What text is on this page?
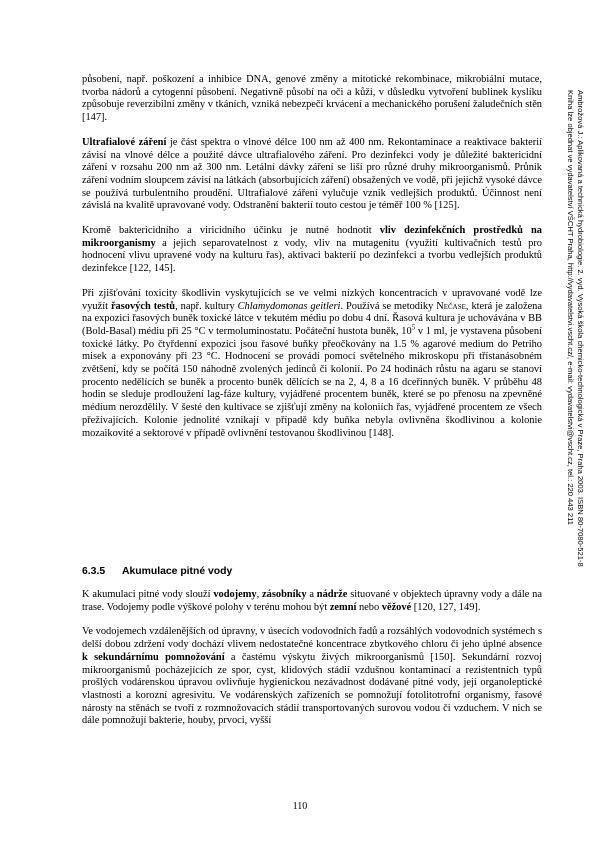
působení, např. poškození a inhibice DNA, genové změny a mitotické rekombinace, mikrobiální mutace, tvorba nádorů a cytogenní působení. Negativně působí na oči a kůži, v důsledku vytvoření bublinek kyslíku způsobuje reverzibilní změny v tkáních, vzniká nebezpečí krvácení a mechanického porušení žaludečních stěn [147].

Ultrafialové záření je část spektra o vlnové délce 100 nm až 400 nm. Rekontaminace a reaktivace bakterií závisí na vlnové délce a použité dávce ultrafialového záření. Pro dezinfekci vody je důležité baktericidní záření v rozsahu 200 nm až 300 nm. Letální dávky záření se liší pro různé druhy mikroorganismů. Průnik záření vodním sloupcem závisí na látkách (absorbujících záření) obsažených ve vodě, při jejichž vysoké dávce se používá turbulentního proudění. Ultrafialové záření vylučuje vznik vedlejších produktů. Účinnost není závislá na kvalitě upravované vody. Odstranění bakterií touto cestou je téměř 100 % [125].

Kromě baktericidního a viricidního účinku je nutné hodnotit vliv dezinfekčních prostředků na mikroorganismy a jejich separovatelnost z vody, vliv na mutagenitu (využití kultivačních testů pro hodnocení vlivu upravené vody na kulturu řas), aktivaci bakterií po dezinfekci a tvorbu vedlejších produktů dezinfekce [122, 145].

Při zjišťování toxicity škodlivin vyskytujících se ve velmi nízkých koncentracích v upravované vodě lze využít řasových testů, např. kultury Chlamydomonas geitleri. Používá se metodiky Nečase, která je založena na expozici řasových buněk toxické látce v tekutém médiu po dobu 4 dní. Řasová kultura je uchovávána v BB (Bold-Basal) médiu při 25 °C v termoluminostatu. Počáteční hustota buněk, $10^5$ v 1 ml, je vystavena působení toxické látky. Po čtyřdenní expozici jsou řasové buňky přeočkovány na 1.5 % agarové medium do Petriho misek a exponovány při 23 °C. Hodnocení se provádí pomocí světelného mikroskopu při třístanásobném zvětšení, kdy se počítá 150 náhodně zvolených jedinců či kolonií. Po 24 hodinách růstu na agaru se stanoví procento nedělících se buněk a procento buněk dělících se na 2, 4, 8 a 16 dceřinných buněk. V průběhu 48 hodin se sleduje prodloužení lag-fáze kultury, vyjádřené procentem buněk, které se po přenosu na zpevněné médium nerozdělily. V šesté den kultivace se zjišťují změny na koloniích řas, vyjádřené procentem ze všech přežívajících. Kolonie jednolité vznikají v případě kdy buňka nebyla ovlivněna škodlivinou a kolonie mozaikovité a sektorové v případě ovlivnění testovanou škodlivinou [148].

6.3.5 Akumulace pitné vody

K akumulaci pitné vody slouží vodojemy, zásobníky a nádrže situované v objektech úpravny vody a dále na trase. Vodojemy podle výškové polohy v terénu mohou být zemní nebo věžové [120, 127, 149].

Ve vodojemech vzdálenějších od úpravny, v úsecích vodovodních řadů a rozsáhlých vodovodních systémech s delší dobou zdržení vody dochází vlivem nedostatečné koncentrace zbytkového chloru či jeho úplné absence k sekundárnímu pomnožování a častému výskytu živých mikroorganismů [150]. Sekundární rozvoj mikroorganismů pocházejících ze spor, cyst, klidových stádií vzdušnou kontaminací a rezistentních typů prošlých vodárenskou úpravou ovlivňuje hygienickou nezávadnost dodávané pitné vody, její organoleptické vlastnosti a korozní agresivitu. Ve vodárenských zařízeních se pomnožují fotolitotrofní organismy, řasové nárosty na stěnách se tvoří z rozmnožovacích stádií transportovaných surovou vodou či vzduchem. V nich se dále pomnožují bakterie, houby, prvoci, vyšší

110
Ambrožová J.: Aplikovaná a technická hydrobiologie. 2. vyd. Vysoká škola chemicko-technologická v Praze, Praha 2003. ISBN 80-7080-521-8
Kniha lze objednat ve vydavatelství VŠCHT Praha, http://vydavatelstvi.vscht.cz/, e-mail: vydavatelstvi@vscht.cz, tel.: 220 443 211
